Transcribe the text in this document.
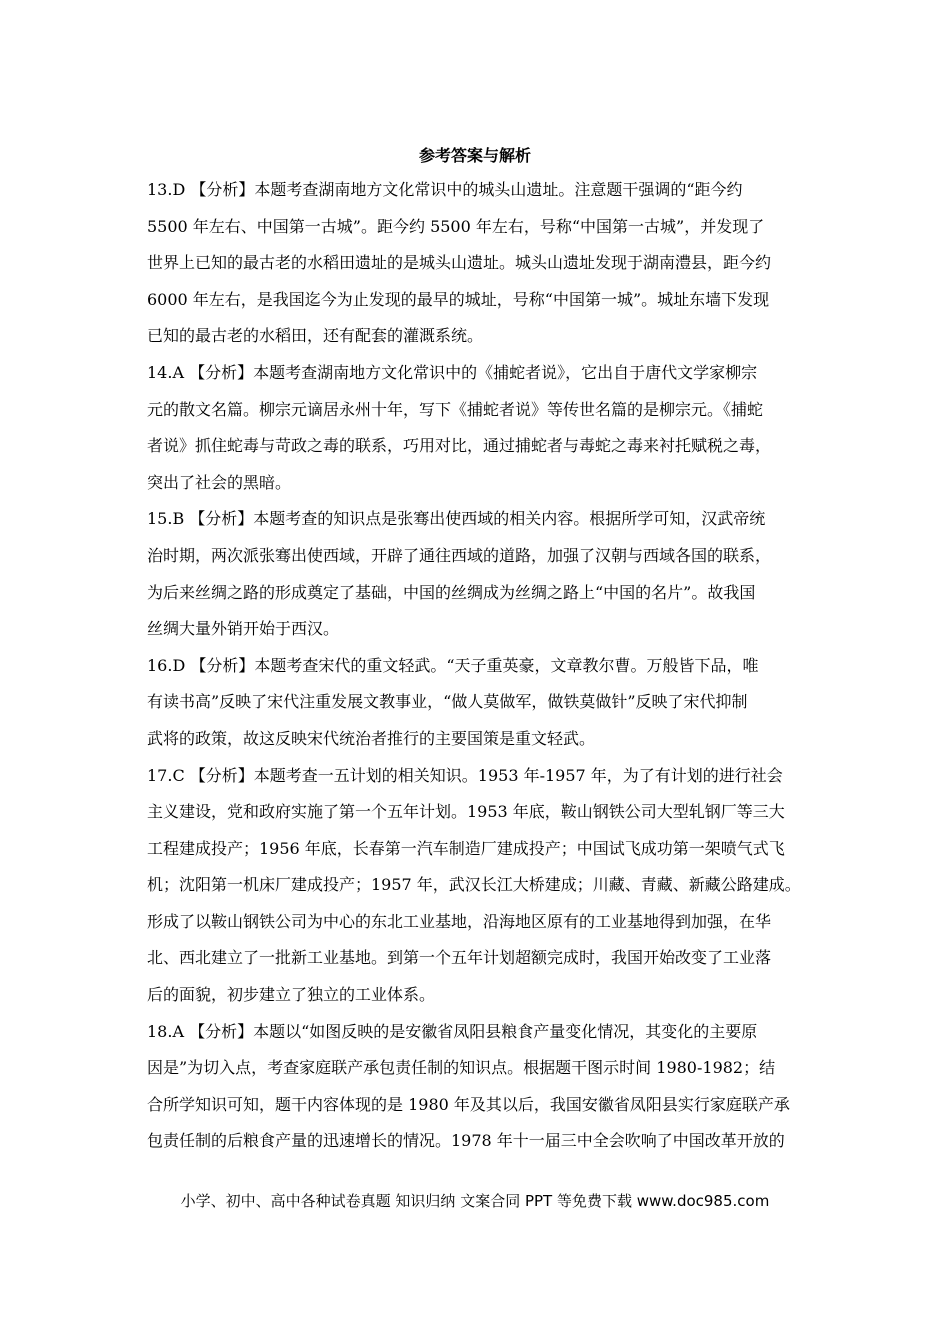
参考答案与解析
13.D 【分析】本题考查湖南地方文化常识中的城头山遗址。注意题干强调的“距今约
5500 年左右、中国第一古城”。距今约 5500 年左右，号称“中国第一古城”，并发现了
世界上已知的最古老的水稻田遗址的是城头山遗址。城头山遗址发现于湖南澧县，距今约
6000 年左右，是我国迄今为止发现的最早的城址，号称“中国第一城”。城址东墙下发现
已知的最古老的水稻田，还有配套的灌溉系统。
14.A 【分析】本题考查湖南地方文化常识中的《捕蛇者说》，它出自于唐代文学家柳宗
元的散文名篇。柳宗元谪居永州十年，写下《捕蛇者说》等传世名篇的是柳宗元。《捕蛇
者说》抓住蛇毒与苛政之毒的联系，巧用对比，通过捕蛇者与毒蛇之毒来衬托赋税之毒，
突出了社会的黑暗。
15.B 【分析】本题考查的知识点是张骞出使西域的相关内容。根据所学可知，汉武帝统
治时期，两次派张骞出使西域，开辟了通往西域的道路，加强了汉朝与西域各国的联系，
为后来丝绸之路的形成奠定了基础，中国的丝绸成为丝绸之路上“中国的名片”。故我国
丝绸大量外销开始于西汉。
16.D 【分析】本题考查宋代的重文轻武。“天子重英豪，文章教尔曹。万般皆下品，唯
有读书高”反映了宋代注重发展文教事业，“做人莫做军，做铁莫做针”反映了宋代抑制
武将的政策，故这反映宋代统治者推行的主要国策是重文轻武。
17.C 【分析】本题考查一五计划的相关知识。1953 年-1957 年，为了有计划的进行社会
主义建设，党和政府实施了第一个五年计划。1953 年底，鞍山钢铁公司大型轧钢厂等三大
工程建成投产；1956 年底，长春第一汽车制造厂建成投产；中国试飞成功第一架喷气式飞
机；沈阳第一机床厂建成投产；1957 年，武汉长江大桥建成；川藏、青藏、新藏公路建成。
形成了以鞍山钢铁公司为中心的东北工业基地，沿海地区原有的工业基地得到加强，在华
北、西北建立了一批新工业基地。到第一个五年计划超额完成时，我国开始改变了工业落
后的面貌，初步建立了独立的工业体系。
18.A 【分析】本题以“如图反映的是安徽省凤阳县粮食产量变化情况，其变化的主要原
因是”为切入点，考查家庭联产承包责任制的知识点。根据题干图示时间 1980-1982；结
合所学知识可知，题干内容体现的是 1980 年及其以后，我国安徽省凤阳县实行家庭联产承
包责任制的后粮食产量的迅速增长的情况。1978 年十一届三中全会吹响了中国改革开放的
小学、初中、高中各种试卷真题 知识归纳 文案合同 PPT 等免费下载 www.doc985.com
